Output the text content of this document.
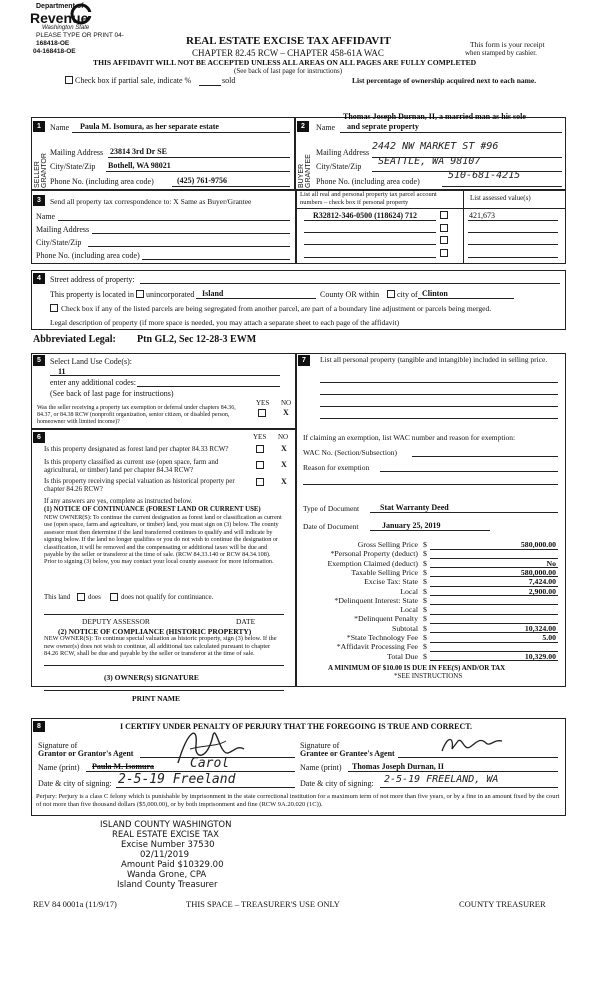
Department of
Revenue
Washington State
PLEASE TYPE OR PRINT 04-
168418-OE
04-168418-OE
REAL ESTATE EXCISE TAX AFFIDAVIT
CHAPTER 82.45 RCW – CHAPTER 458-61A WAC
This form is your receipt
when stamped by cashier.
THIS AFFIDAVIT WILL NOT BE ACCEPTED UNLESS ALL AREAS ON ALL PAGES ARE FULLY COMPLETED
(See back of last page for instructions)
Check box if partial sale, indicate %	sold	List percentage of ownership acquired next to each name.
1
SELLER GRANTOR
Name Paula M. Isomura, as her separate estate
Mailing Address 23814 3rd Dr SE
City/State/Zip Bothell, WA 98021
Phone No. (including area code)	(425) 761-9756
2
BUYER GRANTEE
Thomas Joseph Durnan, II, a married man as his sole
Name and seprate property
Mailing Address
2442 NW MARKET ST #96
City/State/Zip SEATTLE, WA 98107
Phone No. (including area code)
510-681-4215
3	Send all property tax correspondence to: X Same as Buyer/Grantee
Name
Mailing Address
City/State/Zip
Phone No. (including area code)
List all real and personal property tax parcel account numbers – check box if personal property
List assessed value(s)
R32812-346-0500 (118624) 712	421,673
4	Street address of property:
This property is located in unincorporated Island	County OR within city of Clinton
Check box if any of the listed parcels are being segregated from another parcel, are part of a boundary line adjustment or parcels being merged.
Legal description of property (if more space is needed, you may attach a separate sheet to each page of the affidavit)
Abbreviated Legal: Ptn GL2, Sec 12-28-3 EWM
5	Select Land Use Code(s):
11
enter any additional codes:
(See back of last page for instructions)
YES NO
Was the seller receiving a property tax exemption or deferral under chapters 84.36, 84.37, or 84.38 RCW (nonprofit organization, senior citizen, or disabled person, homeowner with limited income)?
X
6	YES NO
Is this property designated as forest land per chapter 84.33 RCW?	X
Is this property classified as current use (open space, farm and agricultural, or timber) land per chapter 84.34 RCW?
X
Is this property receiving special valuation as historical property per chapter 84.26 RCW?
X
If any answers are yes, complete as instructed below.
(1) NOTICE OF CONTINUANCE (FOREST LAND OR CURRENT USE)
NEW OWNER(S): To continue the current designation as forest land or classification as current use (open space, farm and agriculture, or timber) land, you must sign on (3) below. The county assessor must then determine if the land transferred continues to qualify and will indicate by signing below. If the land no longer qualifies or you do not wish to continue the designation or classification, it will be removed and the compensating or additional taxes will be due and payable by the seller or transferor at the time of sale. (RCW 84.33.140 or RCW 84.34.108). Prior to signing (3) below, you may contact your local county assessor for more information.
This land	does	does not qualify for continuance.
DEPUTY ASSESSOR	DATE
(2) NOTICE OF COMPLIANCE (HISTORIC PROPERTY)
NEW OWNER(S): To continue special valuation as historic property, sign (3) below. If the new owner(s) does not wish to continue, all additional tax calculated pursuant to chapter 84.26 RCW, shall be due and payable by the seller or transferor at the time of sale.
(3) OWNER(S) SIGNATURE
7	List all personal property (tangible and intangible) included in selling price.
If claiming an exemption, list WAC number and reason for exemption:
WAC No. (Section/Subsection)
Reason for exemption
Type of Document	Stat Warranty Deed
Date of Document	January 25, 2019
Gross Selling Price $	580,000.00
*Personal Property (deduct) $
Exemption Claimed (deduct) $	No
Taxable Selling Price $	580,000.00
Excise Tax: State $	7,424.00
Local $	2,900.00
*Delinquent Interest: State $
Local $
*Delinquent Penalty $
Subtotal $	10,324.00
*State Technology Fee $	5.00
*Affidavit Processing Fee $
Total Due $	10,329.00
A MINIMUM OF $10.00 IS DUE IN FEE(S) AND/OR TAX
*SEE INSTRUCTIONS
PRINT NAME
8	I CERTIFY UNDER PENALTY OF PERJURY THAT THE FOREGOING IS TRUE AND CORRECT.
Signature of
Grantor or Grantor's Agent
Name (print) Paula M. Isomura	Carol
Date & city of signing: 2-5-19 Freeland
Signature of
Grantee or Grantee's Agent
Name (print) Thomas Joseph Durnan, II
Date & city of signing: 2-5-19 FREELAND, WA
Perjury: Perjury is a class C felony which is punishable by imprisonment in the state correctional institution for a maximum term of not more than five years, or by a fine in an amount fixed by the court of not more than five thousand dollars ($5,000.00), or by both imprisonment and fine (RCW 9A.20.020 (1C)).
ISLAND COUNTY WASHINGTON
REAL ESTATE EXCISE TAX
Excise Number 37530
02/11/2019
Amount Paid $10329.00
Wanda Grone, CPA
Island County Treasurer
REV 84 0001a (11/9/17)	THIS SPACE – TREASURER'S USE ONLY	COUNTY TREASURER
